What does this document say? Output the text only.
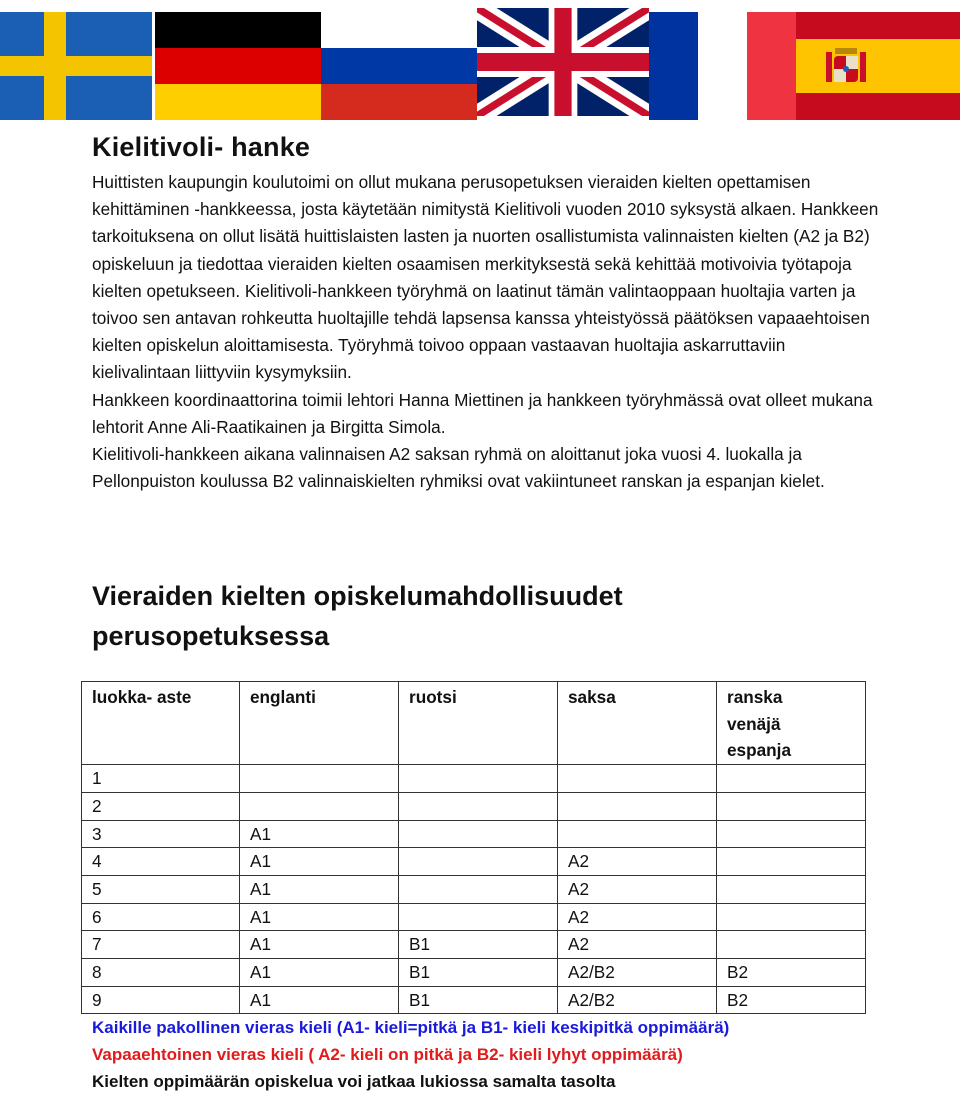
Kielitivoli- hanke

Huittisten kaupungin koulutoimi on ollut mukana perusopetuksen vieraiden kielten opettamisen kehittäminen -hankkeessa, josta käytetään nimitystä Kielitivoli vuoden 2010 syksystä alkaen. Hankkeen tarkoituksena on ollut lisätä huittislaisten lasten ja nuorten osallistumista valinnaisten kielten (A2 ja B2) opiskeluun ja tiedottaa vieraiden kielten osaamisen merkityksestä sekä kehittää motivoivia työtapoja kielten opetukseen. Kielitivoli-hankkeen työryhmä on laatinut tämän valintaoppaan huoltajia varten ja toivoo sen antavan rohkeutta huoltajille tehdä lapsensa kanssa yhteistyössä päätöksen vapaaehtoisen kielten opiskelun aloittamisesta. Työryhmä toivoo oppaan vastaavan huoltajia askarruttaviin kielivalintaan liittyviin kysymyksiin.

Hankkeen koordinaattorina toimii lehtori Hanna Miettinen ja hankkeen työryhmässä ovat olleet mukana lehtorit Anne Ali-Raatikainen ja Birgitta Simola.

Kielitivoli-hankkeen aikana valinnaisen A2 saksan ryhmä on aloittanut joka vuosi 4. luokalla ja Pellonpuiston koulussa B2 valinnaiskielten ryhmiksi ovat vakiintuneet ranskan ja espanjan kielet.

Vieraiden kielten opiskelumahdollisuudet
perusopetuksessa
luokka- aste	englanti	ruotsi	saksa	ranska
venäjä
espanja
1				
2				
3	A1			
4	A1		A2	
5	A1		A2	
6	A1		A2	
7	A1	B1	A2	
8	A1	B1	A2/B2	B2
9	A1	B1	A2/B2	B2

Kaikille pakollinen vieras kieli (A1- kieli=pitkä ja B1- kieli keskipitkä oppimäärä)

Vapaaehtoinen vieras kieli ( A2- kieli on pitkä ja B2- kieli lyhyt oppimäärä)

Kielten oppimäärän opiskelua voi jatkaa lukiossa samalta tasolta
